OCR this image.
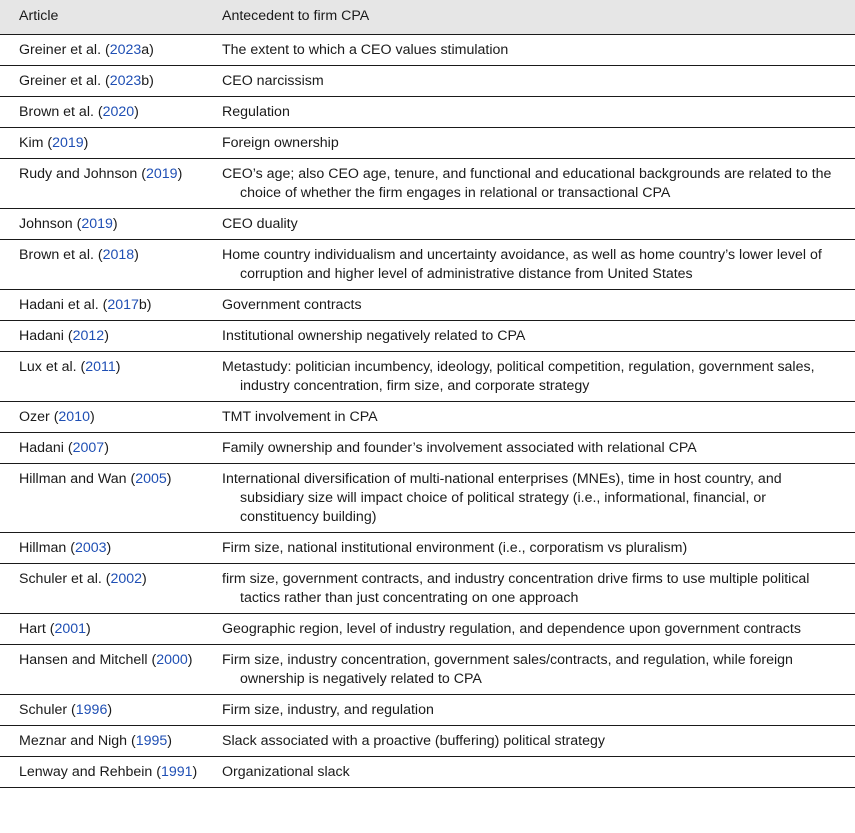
Article	Antecedent to firm CPA
Greiner et al. (2023a)	The extent to which a CEO values stimulation

Greiner et al. (2023b)	CEO narcissism

Brown et al. (2020)	Regulation

Kim (2019)	Foreign ownership

Rudy and Johnson (2019)	CEO’s age; also CEO age, tenure, and functional and educational backgrounds are related to the choice of whether the firm engages in relational or transactional CPA

Johnson (2019)	CEO duality

Brown et al. (2018)	Home country individualism and uncertainty avoidance, as well as home country’s lower level of corruption and higher level of administrative distance from United States

Hadani et al. (2017b)	Government contracts

Hadani (2012)	Institutional ownership negatively related to CPA

Lux et al. (2011)	Metastudy: politician incumbency, ideology, political competition, regulation, government sales, industry concentration, firm size, and corporate strategy

Ozer (2010)	TMT involvement in CPA

Hadani (2007)	Family ownership and founder’s involvement associated with relational CPA

Hillman and Wan (2005)	International diversification of multi-national enterprises (MNEs), time in host country, and subsidiary size will impact choice of political strategy (i.e., informational, financial, or constituency building)

Hillman (2003)	Firm size, national institutional environment (i.e., corporatism vs pluralism)

Schuler et al. (2002)	firm size, government contracts, and industry concentration drive firms to use multiple political tactics rather than just concentrating on one approach

Hart (2001)	Geographic region, level of industry regulation, and dependence upon government contracts

Hansen and Mitchell (2000)	Firm size, industry concentration, government sales/contracts, and regulation, while foreign ownership is negatively related to CPA

Schuler (1996)	Firm size, industry, and regulation

Meznar and Nigh (1995)	Slack associated with a proactive (buffering) political strategy

Lenway and Rehbein (1991)	Organizational slack
